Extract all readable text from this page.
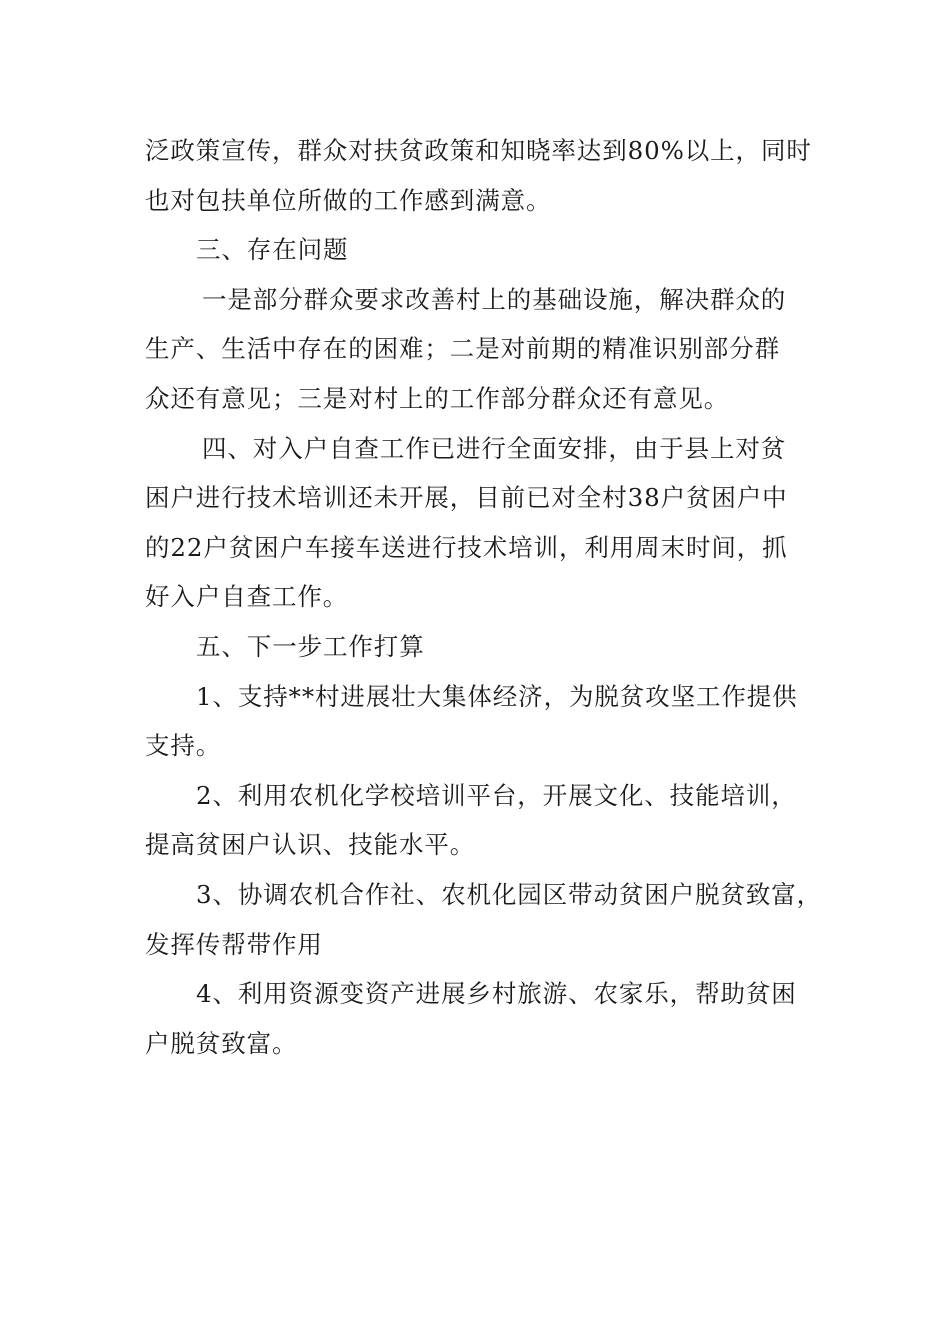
泛政策宣传，群众对扶贫政策和知晓率达到80%以上，同时
也对包扶单位所做的工作感到满意。

三、存在问题

一是部分群众要求改善村上的基础设施，解决群众的
生产、生活中存在的困难；二是对前期的精准识别部分群
众还有意见；三是对村上的工作部分群众还有意见。

四、对入户自查工作已进行全面安排，由于县上对贫
困户进行技术培训还未开展，目前已对全村38户贫困户中
的22户贫困户车接车送进行技术培训，利用周末时间，抓
好入户自查工作。

五、下一步工作打算

1、支持**村进展壮大集体经济，为脱贫攻坚工作提供
支持。

2、利用农机化学校培训平台，开展文化、技能培训，
提高贫困户认识、技能水平。

3、协调农机合作社、农机化园区带动贫困户脱贫致富，
发挥传帮带作用

4、利用资源变资产进展乡村旅游、农家乐，帮助贫困
户脱贫致富。
